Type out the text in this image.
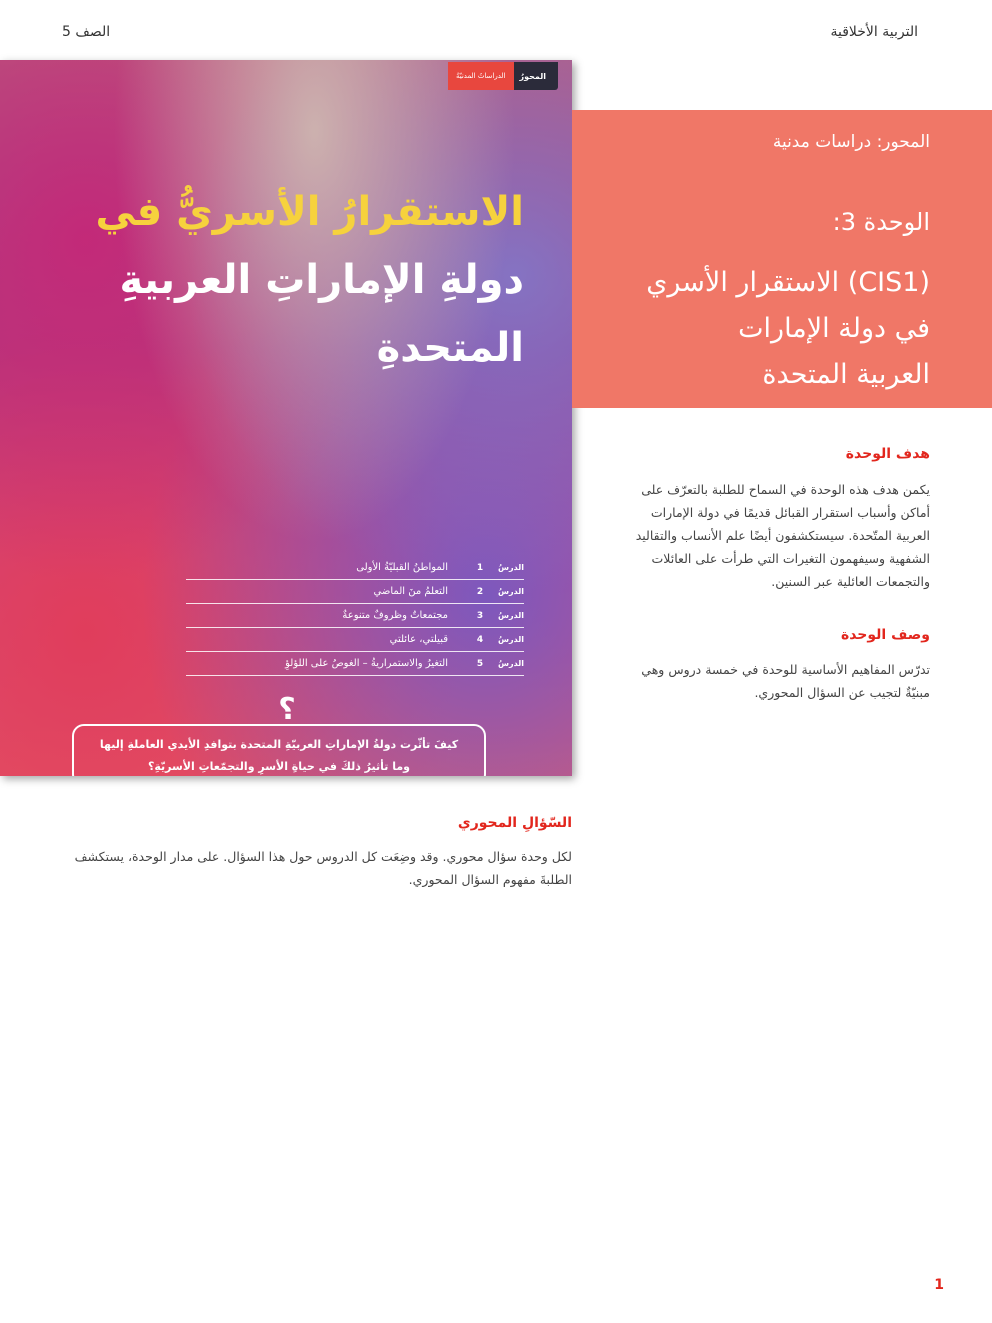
التربية الأخلاقية
الصف 5
المحورُ
الدراساتُ المدنيّةُ
الاستقرارُ الأسريُّ في
دولةِ الإماراتِ العربيةِ
المتحدةِ
الدرسُ
1
المواطنُ القبليّةُ الأولى
الدرسُ
2
التعلمُ منَ الماضي
الدرسُ
3
مجتمعاتٌ وظروفٌ متنوعةٌ
الدرسُ
4
قبيلتي، عائلتي
الدرسُ
5
التغيرُ والاستمراريةُ – الغوصُ على اللؤلؤِ
؟
كيفَ تأثّرت دولةُ الإماراتِ العربيّةِ المتحدة بتوافدِ الأيدي العاملةِ إليها
وما تأثيرُ ذلكَ في حياةِ الأسرِ والتجمّعاتِ الأسريّةِ؟
المحور: دراسات مدنية
الوحدة 3:
(CIS1) الاستقرار الأسري
في دولة الإمارات
العربية المتحدة
هدف الوحدة
يكمن هدف هذه الوحدة في السماح للطلبة بالتعرّف على أماكن وأسباب استقرار القبائل قديمًا في دولة الإمارات العربية المتّحدة. سيستكشفون أيضًا علم الأنساب والتقاليد الشفهية وسيفهمون التغيرات التي طرأت على العائلات والتجمعات العائلية عبر السنين.
وصف الوحدة
تدرّس المفاهيم الأساسية للوحدة في خمسة دروس وهي مبنيّةٌ لتجيب عن السؤال المحوري.
السّؤالِ المحوري
لكل وحدة سؤال محوري. وقد وضِعَت كل الدروس حول هذا السؤال. على مدار الوحدة، يستكشف الطلبةَ مفهوم السؤال المحوري.
1
